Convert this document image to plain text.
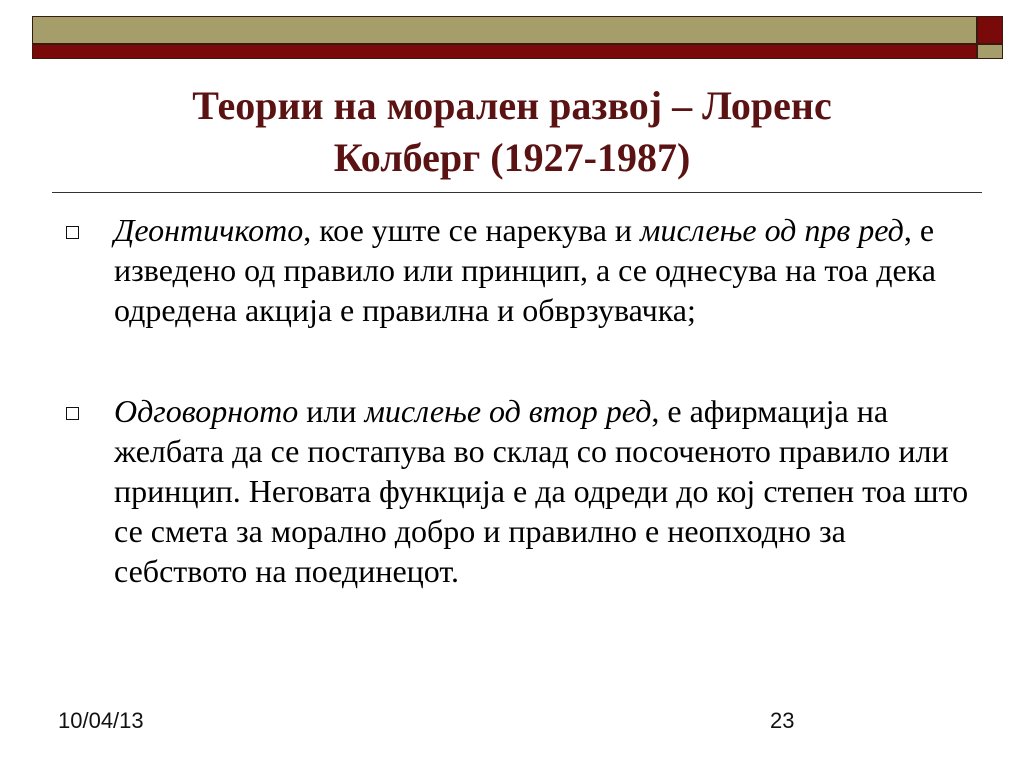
Теории на морален развој – Лоренс
Колберг (1927-1987)
Деонтичкото, кое уште се нарекува и мислење од прв ред, е изведено од правило или принцип, а се однесува на тоа дека одредена акција е правилна и обврзувачка;
Одговорното или мислење од втор ред, е афирмација на желбата да се постапува во склад со посоченото правило или принцип. Неговата функција е да одреди до кој степен тоа што се смета за морално добро и правилно е неопходно за себството на поединецот.
10/04/13	23
